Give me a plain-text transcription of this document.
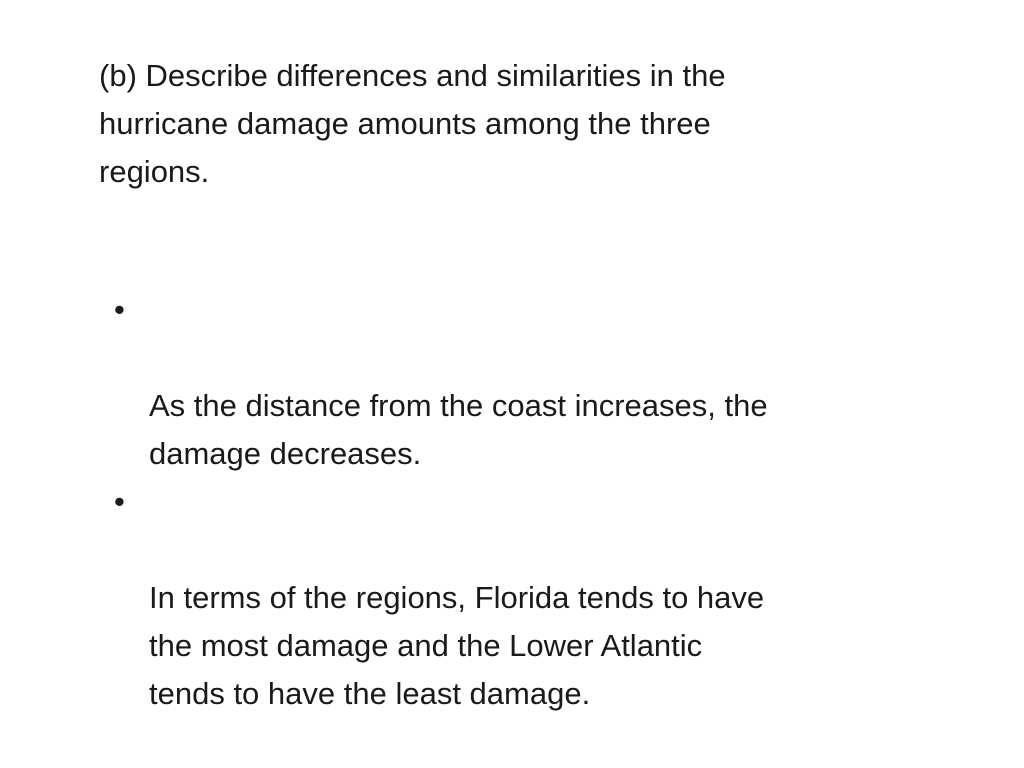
(b) Describe differences and similarities in the
hurricane damage amounts among the three
regions.

•

As the distance from the coast increases, the
damage decreases.

•

In terms of the regions, Florida tends to have
the most damage and the Lower Atlantic
tends to have the least damage.
